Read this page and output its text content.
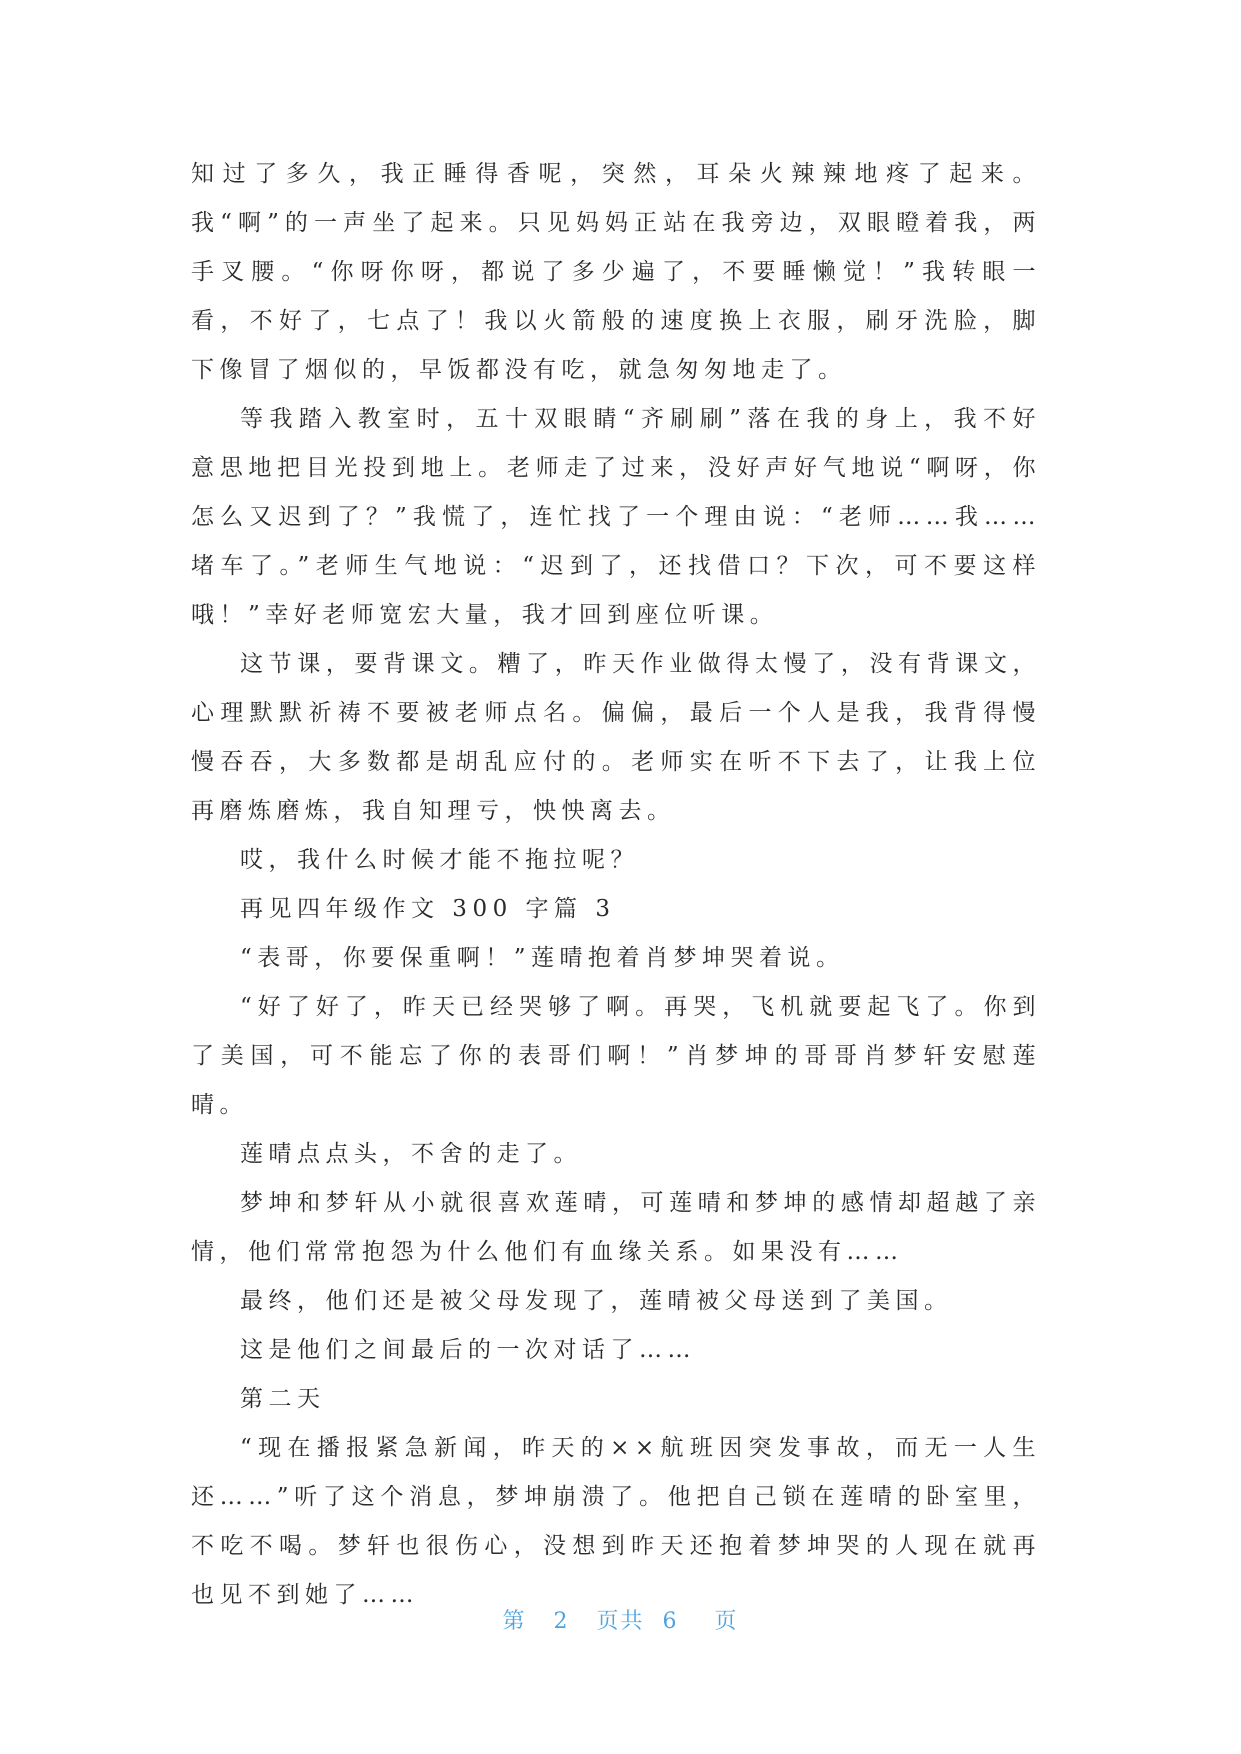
知过了多久，我正睡得香呢，突然，耳朵火辣辣地疼了起来。我“啊”的一声坐了起来。只见妈妈正站在我旁边，双眼瞪着我，两手叉腰。“你呀你呀，都说了多少遍了，不要睡懒觉！”我转眼一看，不好了，七点了！我以火箭般的速度换上衣服，刷牙洗脸，脚下像冒了烟似的，早饭都没有吃，就急匆匆地走了。

等我踏入教室时，五十双眼睛“齐刷刷”落在我的身上，我不好意思地把目光投到地上。老师走了过来，没好声好气地说“啊呀，你怎么又迟到了？”我慌了，连忙找了一个理由说：“老师……我……堵车了。”老师生气地说：“迟到了，还找借口？下次，可不要这样哦！”幸好老师宽宏大量，我才回到座位听课。

这节课，要背课文。糟了，昨天作业做得太慢了，没有背课文，心理默默祈祷不要被老师点名。偏偏，最后一个人是我，我背得慢慢吞吞，大多数都是胡乱应付的。老师实在听不下去了，让我上位再磨炼磨炼，我自知理亏，怏怏离去。

哎，我什么时候才能不拖拉呢？

再见四年级作文 300 字篇 3

“表哥，你要保重啊！”莲晴抱着肖梦坤哭着说。

“好了好了，昨天已经哭够了啊。再哭，飞机就要起飞了。你到了美国，可不能忘了你的表哥们啊！”肖梦坤的哥哥肖梦轩安慰莲晴。

莲晴点点头，不舍的走了。

梦坤和梦轩从小就很喜欢莲晴，可莲晴和梦坤的感情却超越了亲情，他们常常抱怨为什么他们有血缘关系。如果没有……

最终，他们还是被父母发现了，莲晴被父母送到了美国。

这是他们之间最后的一次对话了……

第二天

“现在播报紧急新闻，昨天的××航班因突发事故，而无一人生还……”听了这个消息，梦坤崩溃了。他把自己锁在莲晴的卧室里，不吃不喝。梦轩也很伤心，没想到昨天还抱着梦坤哭的人现在就再也见不到她了……

第 2 页共 6 页
